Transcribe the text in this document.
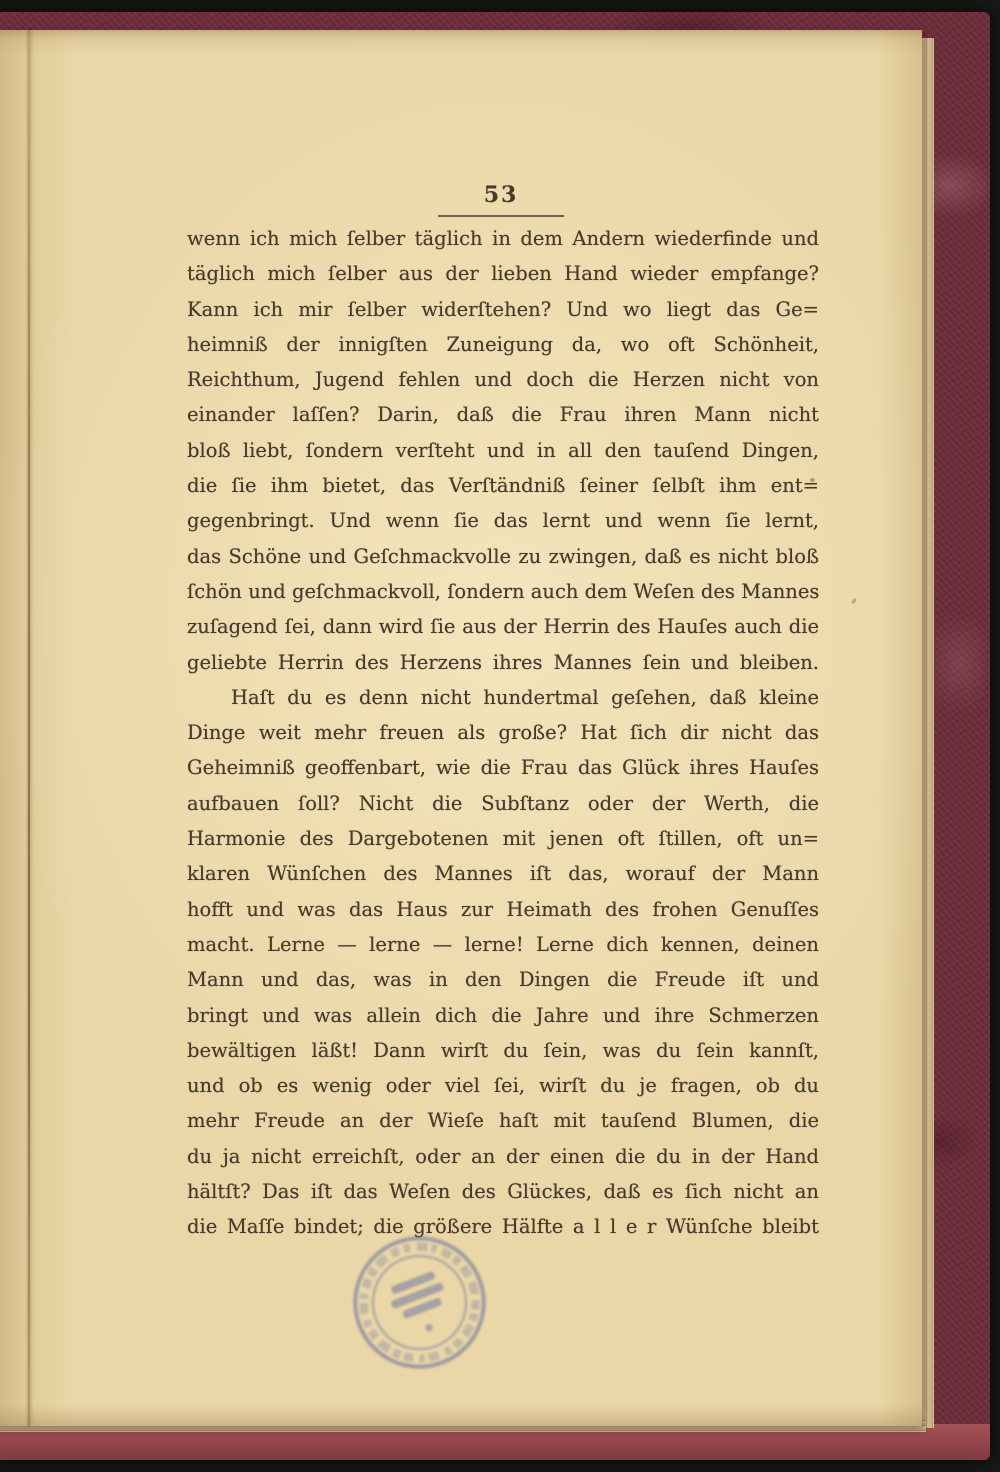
53
wenn ich mich ſelber täglich in dem Andern wiederfinde und
täglich mich ſelber aus der lieben Hand wieder empfange?
Kann ich mir ſelber widerſtehen? Und wo liegt das Ge=
heimniß der innigſten Zuneigung da, wo oft Schönheit,
Reichthum, Jugend fehlen und doch die Herzen nicht von
einander laſſen? Darin, daß die Frau ihren Mann nicht
bloß liebt, ſondern verſteht und in all den tauſend Dingen,
die ſie ihm bietet, das Verſtändniß ſeiner ſelbſt ihm ent=
gegenbringt. Und wenn ſie das lernt und wenn ſie lernt,
das Schöne und Geſchmackvolle zu zwingen, daß es nicht bloß
ſchön und geſchmackvoll, ſondern auch dem Weſen des Mannes
zuſagend ſei, dann wird ſie aus der Herrin des Hauſes auch die
geliebte Herrin des Herzens ihres Mannes ſein und bleiben.
Haſt du es denn nicht hundertmal geſehen, daß kleine
Dinge weit mehr freuen als große? Hat ſich dir nicht das
Geheimniß geoffenbart, wie die Frau das Glück ihres Hauſes
aufbauen ſoll? Nicht die Subſtanz oder der Werth, die
Harmonie des Dargebotenen mit jenen oft ſtillen, oft un=
klaren Wünſchen des Mannes iſt das, worauf der Mann
hofft und was das Haus zur Heimath des frohen Genuſſes
macht. Lerne — lerne — lerne! Lerne dich kennen, deinen
Mann und das, was in den Dingen die Freude iſt und
bringt und was allein dich die Jahre und ihre Schmerzen
bewältigen läßt! Dann wirſt du ſein, was du ſein kannſt,
und ob es wenig oder viel ſei, wirſt du je fragen, ob du
mehr Freude an der Wieſe haſt mit tauſend Blumen, die
du ja nicht erreichſt, oder an der einen die du in der Hand
hältſt? Das iſt das Weſen des Glückes, daß es ſich nicht an
die Maſſe bindet; die größere Hälfte a l l e r Wünſche bleibt
